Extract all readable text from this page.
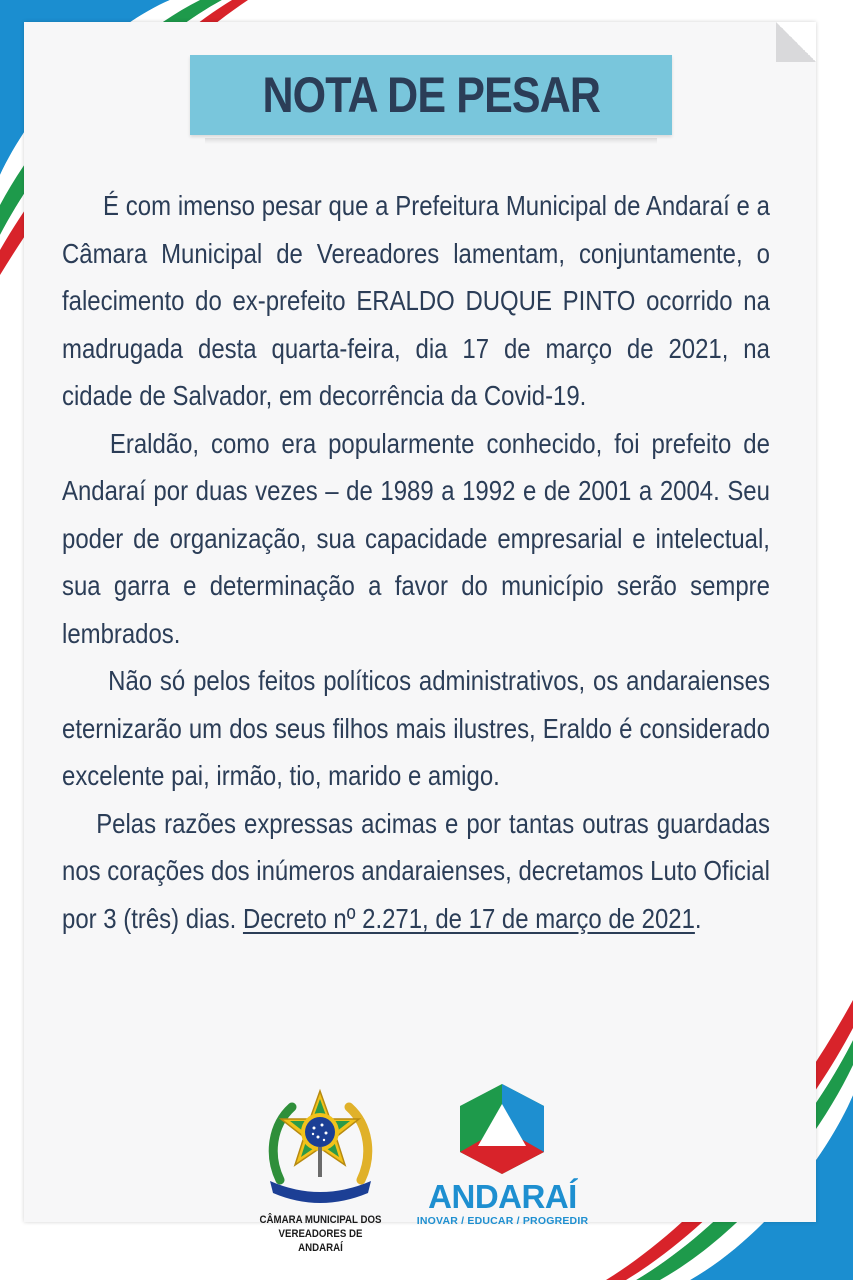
NOTA DE PESAR

É com imenso pesar que a Prefeitura Municipal de Andaraí e a Câmara Municipal de Vereadores lamentam, conjuntamente, o falecimento do ex-prefeito ERALDO DUQUE PINTO ocorrido na madrugada desta quarta-feira, dia 17 de março de 2021, na cidade de Salvador, em decorrência da Covid-19.

Eraldão, como era popularmente conhecido, foi prefeito de Andaraí por duas vezes – de 1989 a 1992 e de 2001 a 2004. Seu poder de organização, sua capacidade empresarial e intelectual, sua garra e determinação a favor do município serão sempre lembrados.

Não só pelos feitos políticos administrativos, os andaraienses eternizarão um dos seus filhos mais ilustres, Eraldo é considerado excelente pai, irmão, tio, marido e amigo.

Pelas razões expressas acimas e por tantas outras guardadas nos corações dos inúmeros andaraienses, decretamos Luto Oficial por 3 (três) dias. Decreto nº 2.271, de 17 de março de 2021.

CÂMARA MUNICIPAL DOS
VEREADORES DE ANDARAÍ
ANDARAÍ
INOVAR / EDUCAR / PROGREDIR
